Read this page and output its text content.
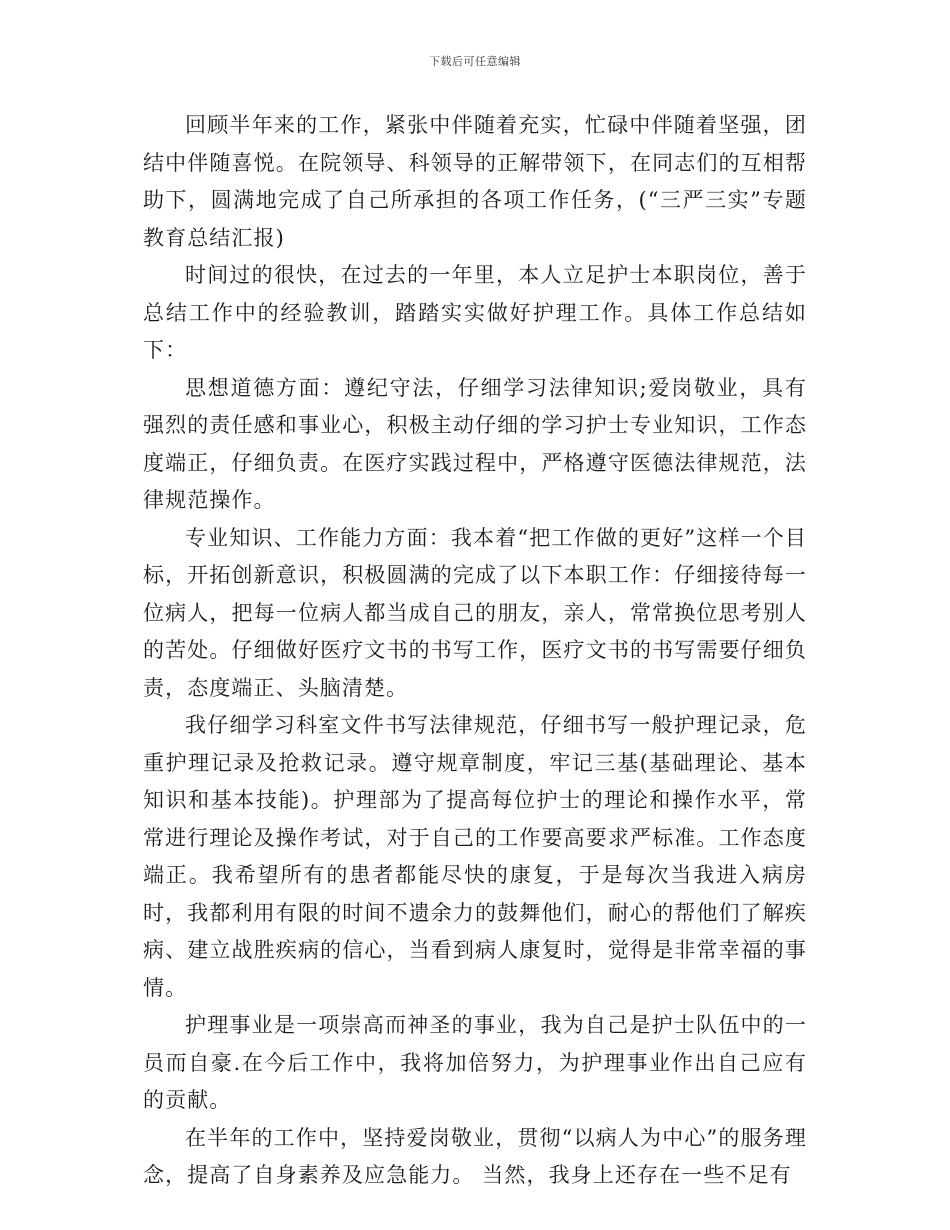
下载后可任意编辑

回顾半年来的工作，紧张中伴随着充实，忙碌中伴随着坚强，团结中伴随喜悦。在院领导、科领导的正解带领下，在同志们的互相帮助下，圆满地完成了自己所承担的各项工作任务，(“三严三实”专题教育总结汇报)

时间过的很快，在过去的一年里，本人立足护士本职岗位，善于总结工作中的经验教训，踏踏实实做好护理工作。具体工作总结如下：

思想道德方面：遵纪守法，仔细学习法律知识;爱岗敬业，具有强烈的责任感和事业心，积极主动仔细的学习护士专业知识，工作态度端正，仔细负责。在医疗实践过程中，严格遵守医德法律规范，法律规范操作。

专业知识、工作能力方面：我本着“把工作做的更好”这样一个目标，开拓创新意识，积极圆满的完成了以下本职工作：仔细接待每一位病人，把每一位病人都当成自己的朋友，亲人，常常换位思考别人的苦处。仔细做好医疗文书的书写工作，医疗文书的书写需要仔细负责，态度端正、头脑清楚。

我仔细学习科室文件书写法律规范，仔细书写一般护理记录，危重护理记录及抢救记录。遵守规章制度，牢记三基(基础理论、基本知识和基本技能)。护理部为了提高每位护士的理论和操作水平，常常进行理论及操作考试，对于自己的工作要高要求严标准。工作态度端正。我希望所有的患者都能尽快的康复，于是每次当我进入病房时，我都利用有限的时间不遗余力的鼓舞他们，耐心的帮他们了解疾病、建立战胜疾病的信心，当看到病人康复时，觉得是非常幸福的事情。

护理事业是一项崇高而神圣的事业，我为自己是护士队伍中的一员而自豪.在今后工作中，我将加倍努力，为护理事业作出自己应有的贡献。

在半年的工作中，坚持爱岗敬业，贯彻“以病人为中心”的服务理念，提高了自身素养及应急能力。 当然，我身上还存在一些不足有
